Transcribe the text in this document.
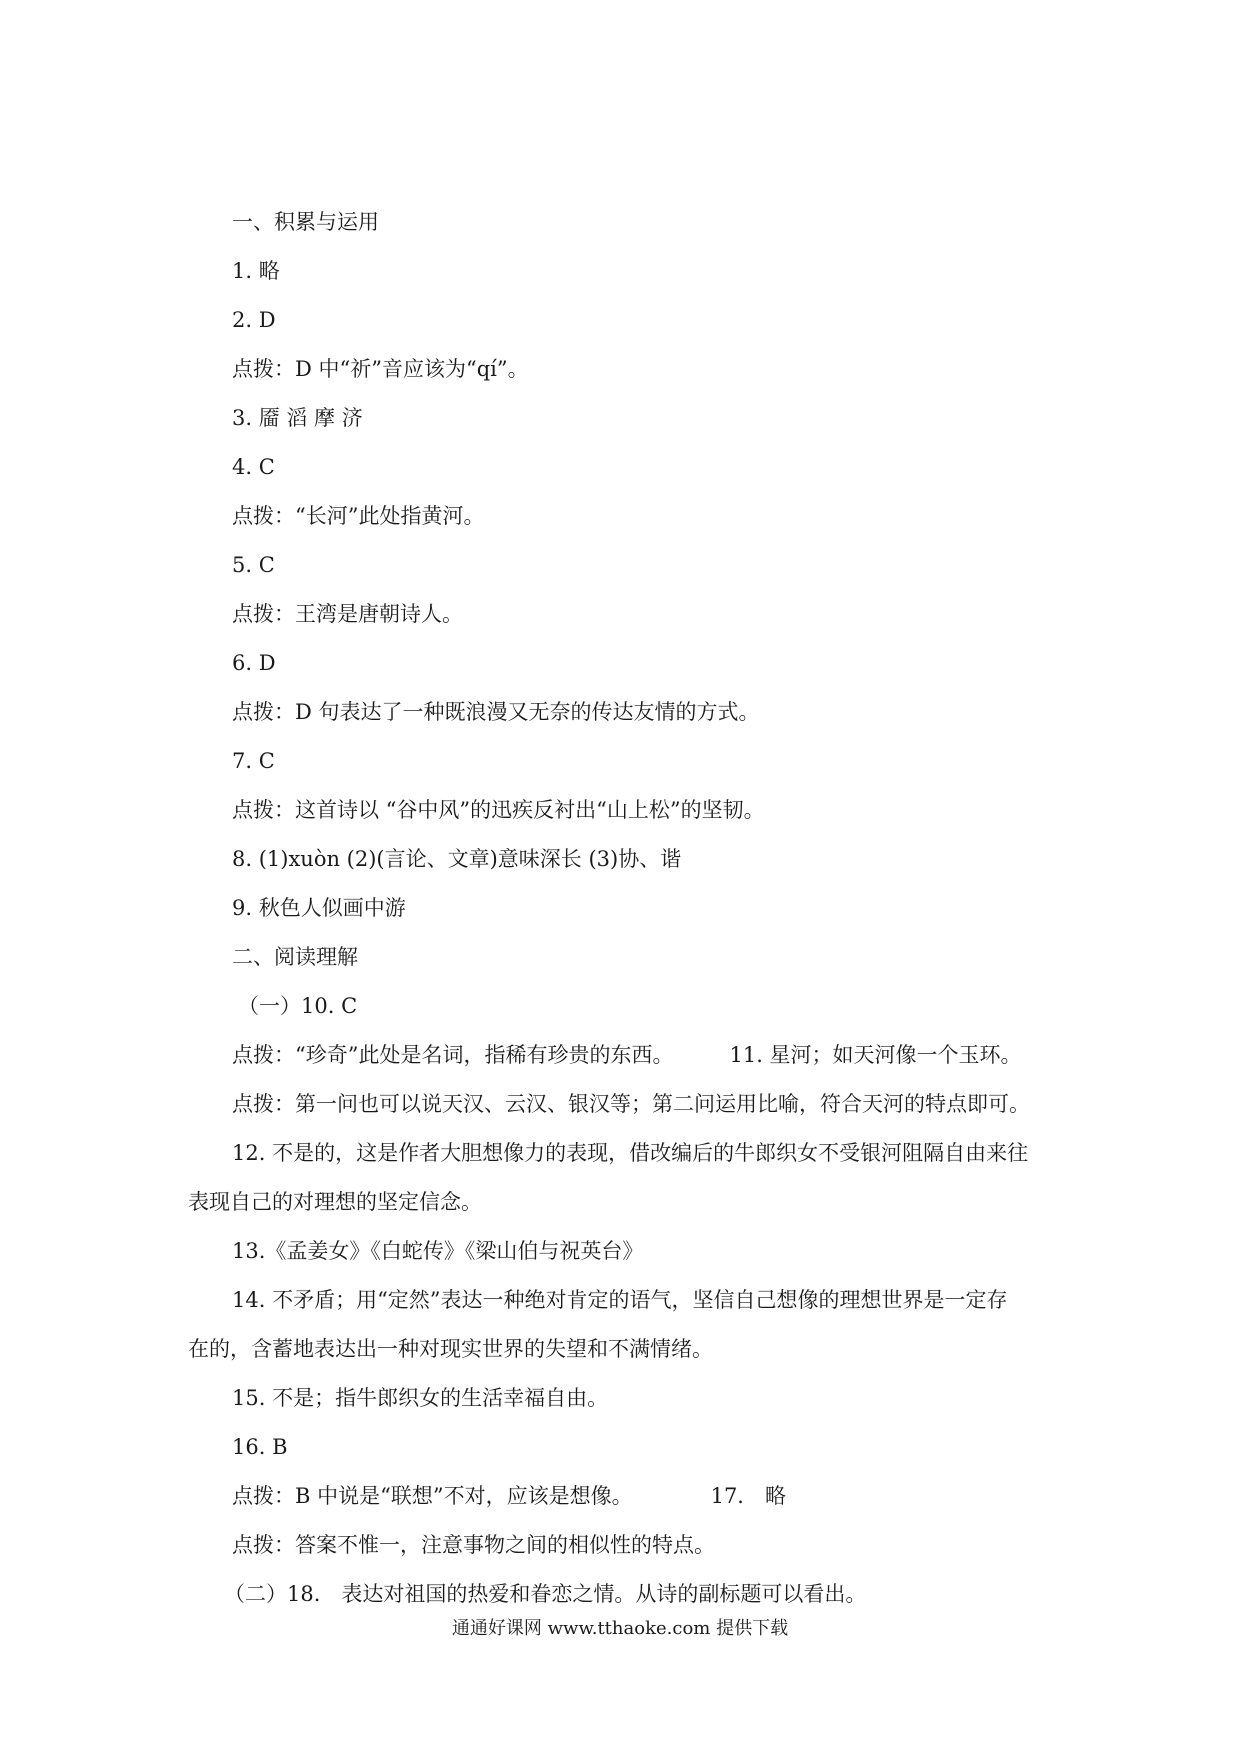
一、积累与运用
1. 略
2. D
点拨：D 中“祈”音应该为“qí”。
3. 靥 滔 摩 济
4. C
点拨：“长河”此处指黄河。
5. C
点拨：王湾是唐朝诗人。
6. D
点拨：D 句表达了一种既浪漫又无奈的传达友情的方式。
7. C
点拨：这首诗以 “谷中风”的迅疾反衬出“山上松”的坚韧。
8. (1)xuòn (2)(言论、文章)意味深长 (3)协、谐
9. 秋色人似画中游
二、阅读理解
（一）10. C
点拨：“珍奇”此处是名词，指稀有珍贵的东西。	11. 星河；如天河像一个玉环。
点拨：第一问也可以说天汉、云汉、银汉等；第二问运用比喻，符合天河的特点即可。
12. 不是的，这是作者大胆想像力的表现，借改编后的牛郎织女不受银河阻隔自由来往
表现自己的对理想的坚定信念。
13.《孟姜女》《白蛇传》《梁山伯与祝英台》
14. 不矛盾；用“定然”表达一种绝对肯定的语气，坚信自己想像的理想世界是一定存
在的，含蓄地表达出一种对现实世界的失望和不满情绪。
15. 不是；指牛郎织女的生活幸福自由。
16. B
点拨：B 中说是“联想”不对，应该是想像。	17.　略
点拨：答案不惟一，注意事物之间的相似性的特点。
（二）18.　表达对祖国的热爱和眷恋之情。从诗的副标题可以看出。
通通好课网 www.tthaoke.com 提供下载
